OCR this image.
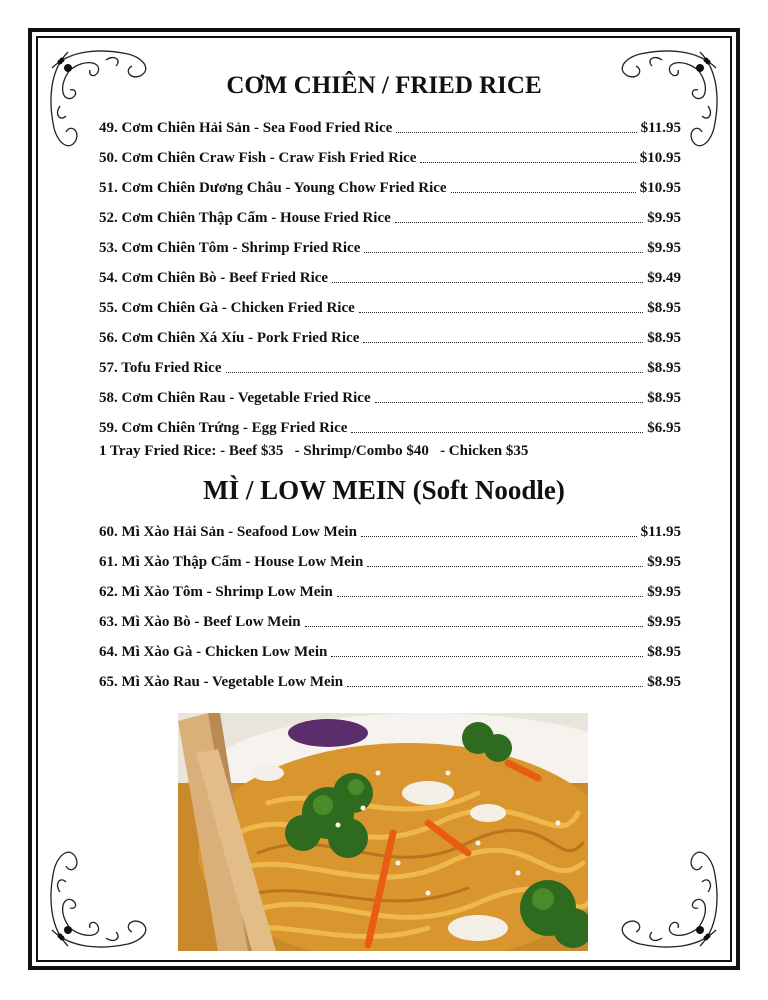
CƠM CHIÊN / FRIED RICE
49. Cơm Chiên Hải Sản - Sea Food Fried Rice	$11.95
50. Cơm Chiên Craw Fish - Craw Fish Fried Rice	$10.95
51. Cơm Chiên Dương Châu - Young Chow Fried Rice	$10.95
52. Cơm Chiên Thập Cẩm - House Fried Rice	$9.95
53. Cơm Chiên Tôm - Shrimp Fried Rice	$9.95
54. Cơm Chiên Bò - Beef Fried Rice	$9.49
55. Cơm Chiên Gà - Chicken Fried Rice	$8.95
56. Cơm Chiên Xá Xíu - Pork Fried Rice	$8.95
57. Tofu Fried Rice	$8.95
58. Cơm Chiên Rau - Vegetable Fried Rice	$8.95
59. Cơm Chiên Trứng - Egg Fried Rice	$6.95
1 Tray Fried Rice: - Beef $35   - Shrimp/Combo $40   - Chicken $35
MÌ / LOW MEIN (Soft Noodle)
60. Mì Xào Hải Sản - Seafood Low Mein	$11.95
61. Mì Xào Thập Cẩm - House Low Mein	$9.95
62. Mì Xào Tôm - Shrimp Low Mein	$9.95
63. Mì Xào Bò - Beef Low Mein	$9.95
64. Mì Xào Gà - Chicken Low Mein	$8.95
65. Mì Xào Rau - Vegetable Low Mein	$8.95
